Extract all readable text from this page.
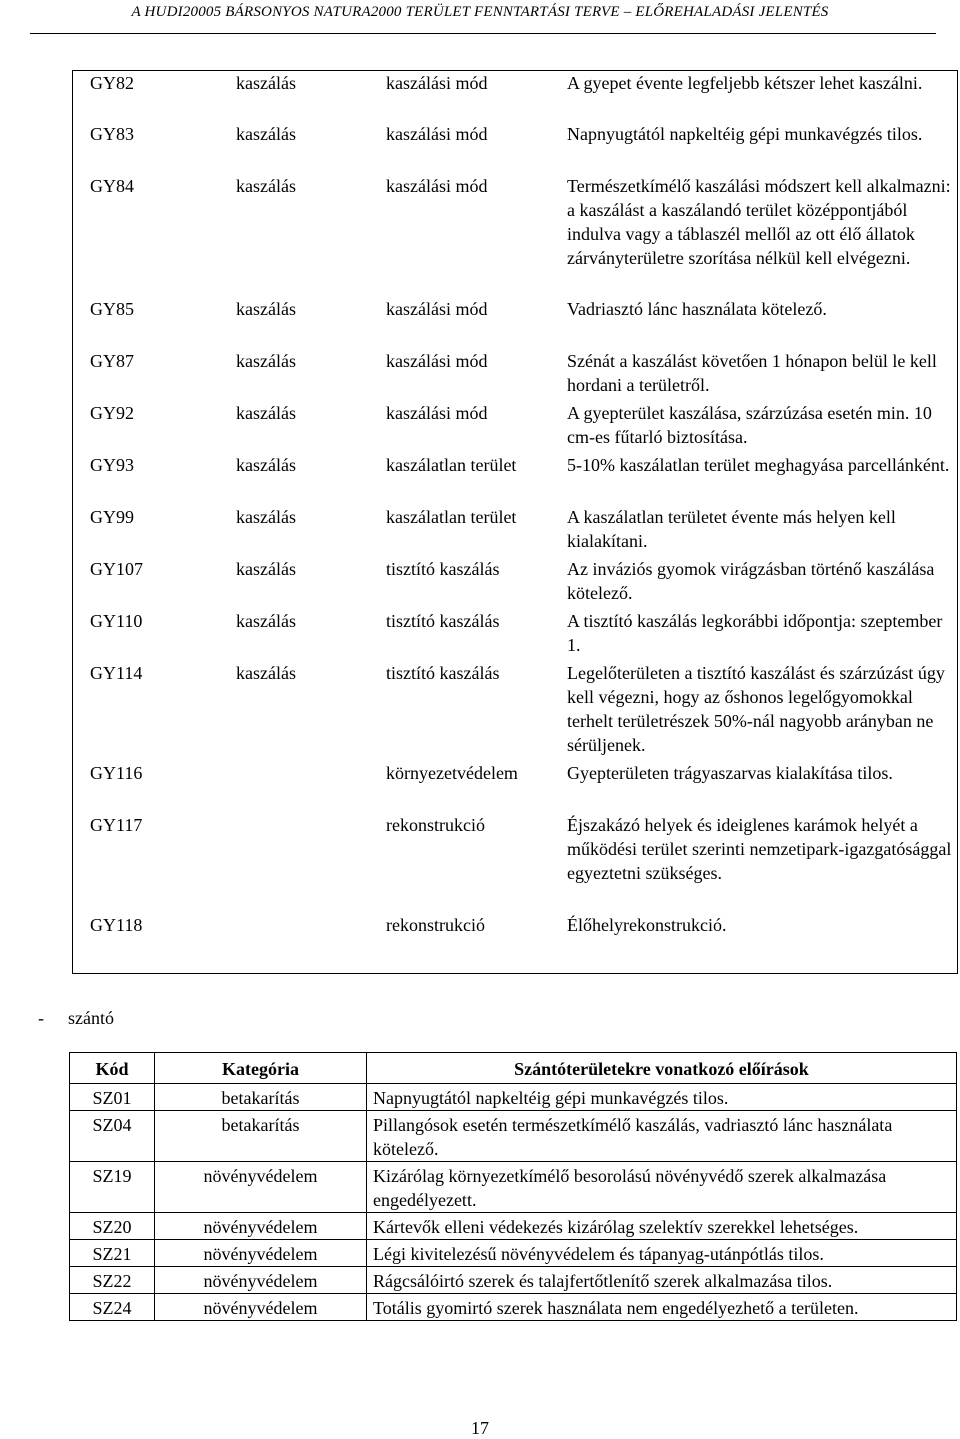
A HUDI20005 BÁRSONYOS NATURA2000 TERÜLET FENNTARTÁSI TERVE – ELŐREHALADÁSI JELENTÉS
GY82	kaszálás	kaszálási mód	A gyepet évente legfeljebb kétszer lehet kaszálni.
GY83	kaszálás	kaszálási mód	Napnyugtától napkeltéig gépi munkavégzés tilos.
GY84	kaszálás	kaszálási mód	Természetkímélő kaszálási módszert kell alkalmazni: a kaszálást a kaszálandó terület középpontjából indulva vagy a táblaszél mellől az ott élő állatok zárványterületre szorítása nélkül kell elvégezni.
GY85	kaszálás	kaszálási mód	Vadriasztó lánc használata kötelező.
GY87	kaszálás	kaszálási mód	Szénát a kaszálást követően 1 hónapon belül le kell hordani a területről.
GY92	kaszálás	kaszálási mód	A gyepterület kaszálása, szárzúzása esetén min. 10 cm-es fűtarló biztosítása.
GY93	kaszálás	kaszálatlan terület	5-10% kaszálatlan terület meghagyása parcellánként.
GY99	kaszálás	kaszálatlan terület	A kaszálatlan területet évente más helyen kell kialakítani.
GY107	kaszálás	tisztító kaszálás	Az inváziós gyomok virágzásban történő kaszálása kötelező.
GY110	kaszálás	tisztító kaszálás	A tisztító kaszálás legkorábbi időpontja: szeptember 1.
GY114	kaszálás	tisztító kaszálás	Legelőterületen a tisztító kaszálást és szárzúzást úgy kell végezni, hogy az őshonos legelőgyomokkal terhelt területrészek 50%-nál nagyobb arányban ne sérüljenek.
GY116		környezetvédelem	Gyepterületen trágyaszarvas kialakítása tilos.
GY117		rekonstrukció	Éjszakázó helyek és ideiglenes karámok helyét a működési terület szerinti nemzetipark-igazgatósággal egyeztetni szükséges.
GY118		rekonstrukció	Élőhelyrekonstrukció.
- szántó
Kód	Kategória	Szántóterületekre vonatkozó előírások
SZ01	betakarítás	Napnyugtától napkeltéig gépi munkavégzés tilos.
SZ04	betakarítás	Pillangósok esetén természetkímélő kaszálás, vadriasztó lánc használata kötelező.
SZ19	növényvédelem	Kizárólag környezetkímélő besorolású növényvédő szerek alkalmazása engedélyezett.
SZ20	növényvédelem	Kártevők elleni védekezés kizárólag szelektív szerekkel lehetséges.
SZ21	növényvédelem	Légi kivitelezésű növényvédelem és tápanyag-utánpótlás tilos.
SZ22	növényvédelem	Rágcsálóirtó szerek és talajfertőtlenítő szerek alkalmazása tilos.
SZ24	növényvédelem	Totális gyomirtó szerek használata nem engedélyezhető a területen.
17
